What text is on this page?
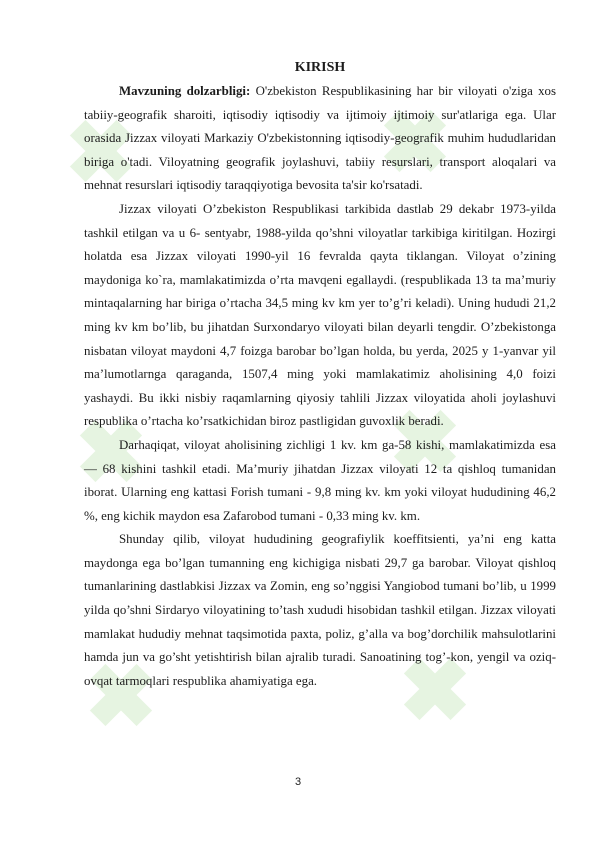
KIRISH

Mavzuning dolzarbligi: O'zbekiston Respublikasining har bir viloyati o'ziga xos tabiiy-geografik sharoiti, iqtisodiy iqtisodiy va ijtimoiy ijtimoiy sur'atlariga ega. Ular orasida Jizzax viloyati Markaziy O'zbekistonning iqtisodiy-geografik muhim hududlaridan biriga o'tadi. Viloyatning geografik joylashuvi, tabiiy resurslari, transport aloqalari va mehnat resurslari iqtisodiy taraqqiyotiga bevosita ta'sir ko'rsatadi.

Jizzax viloyati O’zbekiston Respublikasi tarkibida dastlab 29 dekabr 1973-yilda tashkil etilgan va u 6- sentyabr, 1988-yilda qo’shni viloyatlar tarkibiga kiritilgan. Hozirgi holatda esa Jizzax viloyati 1990-yil 16 fevralda qayta tiklangan. Viloyat o’zining maydoniga ko`ra, mamlakatimizda o’rta mavqeni egallaydi. (respublikada 13 ta ma’muriy mintaqalarning har biriga o’rtacha 34,5 ming kv km yer to’g’ri keladi). Uning hududi 21,2 ming kv km bo’lib, bu jihatdan Surxondaryo viloyati bilan deyarli tengdir. O’zbekistonga nisbatan viloyat maydoni 4,7 foizga barobar bo’lgan holda, bu yerda, 2025 y 1-yanvar yil ma’lumotlarnga qaraganda, 1507,4 ming yoki mamlakatimiz aholisining 4,0 foizi yashaydi. Bu ikki nisbiy raqamlarning qiyosiy tahlili Jizzax viloyatida aholi joylashuvi respublika o’rtacha ko’rsatkichidan biroz pastligidan guvoxlik beradi.

Darhaqiqat, viloyat aholisining zichligi 1 kv. km ga-58 kishi, mamlakatimizda esa — 68 kishini tashkil etadi. Ma’muriy jihatdan Jizzax viloyati 12 ta qishloq tumanidan iborat. Ularning eng kattasi Forish tumani - 9,8 ming kv. km yoki viloyat hududining 46,2 %, eng kichik maydon esa Zafarobod tumani - 0,33 ming kv. km.

Shunday qilib, viloyat hududining geografiylik koeffitsienti, ya’ni eng katta maydonga ega bo’lgan tumanning eng kichigiga nisbati 29,7 ga barobar. Viloyat qishloq tumanlarining dastlabkisi Jizzax va Zomin, eng so’nggisi Yangiobod tumani bo’lib, u 1999 yilda qo’shni Sirdaryo viloyatining to’tash xududi hisobidan tashkil etilgan. Jizzax viloyati mamlakat hududiy mehnat taqsimotida paxta, poliz, g’alla va bog’dorchilik mahsulotlarini hamda jun va go’sht yetishtirish bilan ajralib turadi. Sanoatining tog’-kon, yengil va oziq-ovqat tarmoqlari respublika ahamiyatiga ega.

3
